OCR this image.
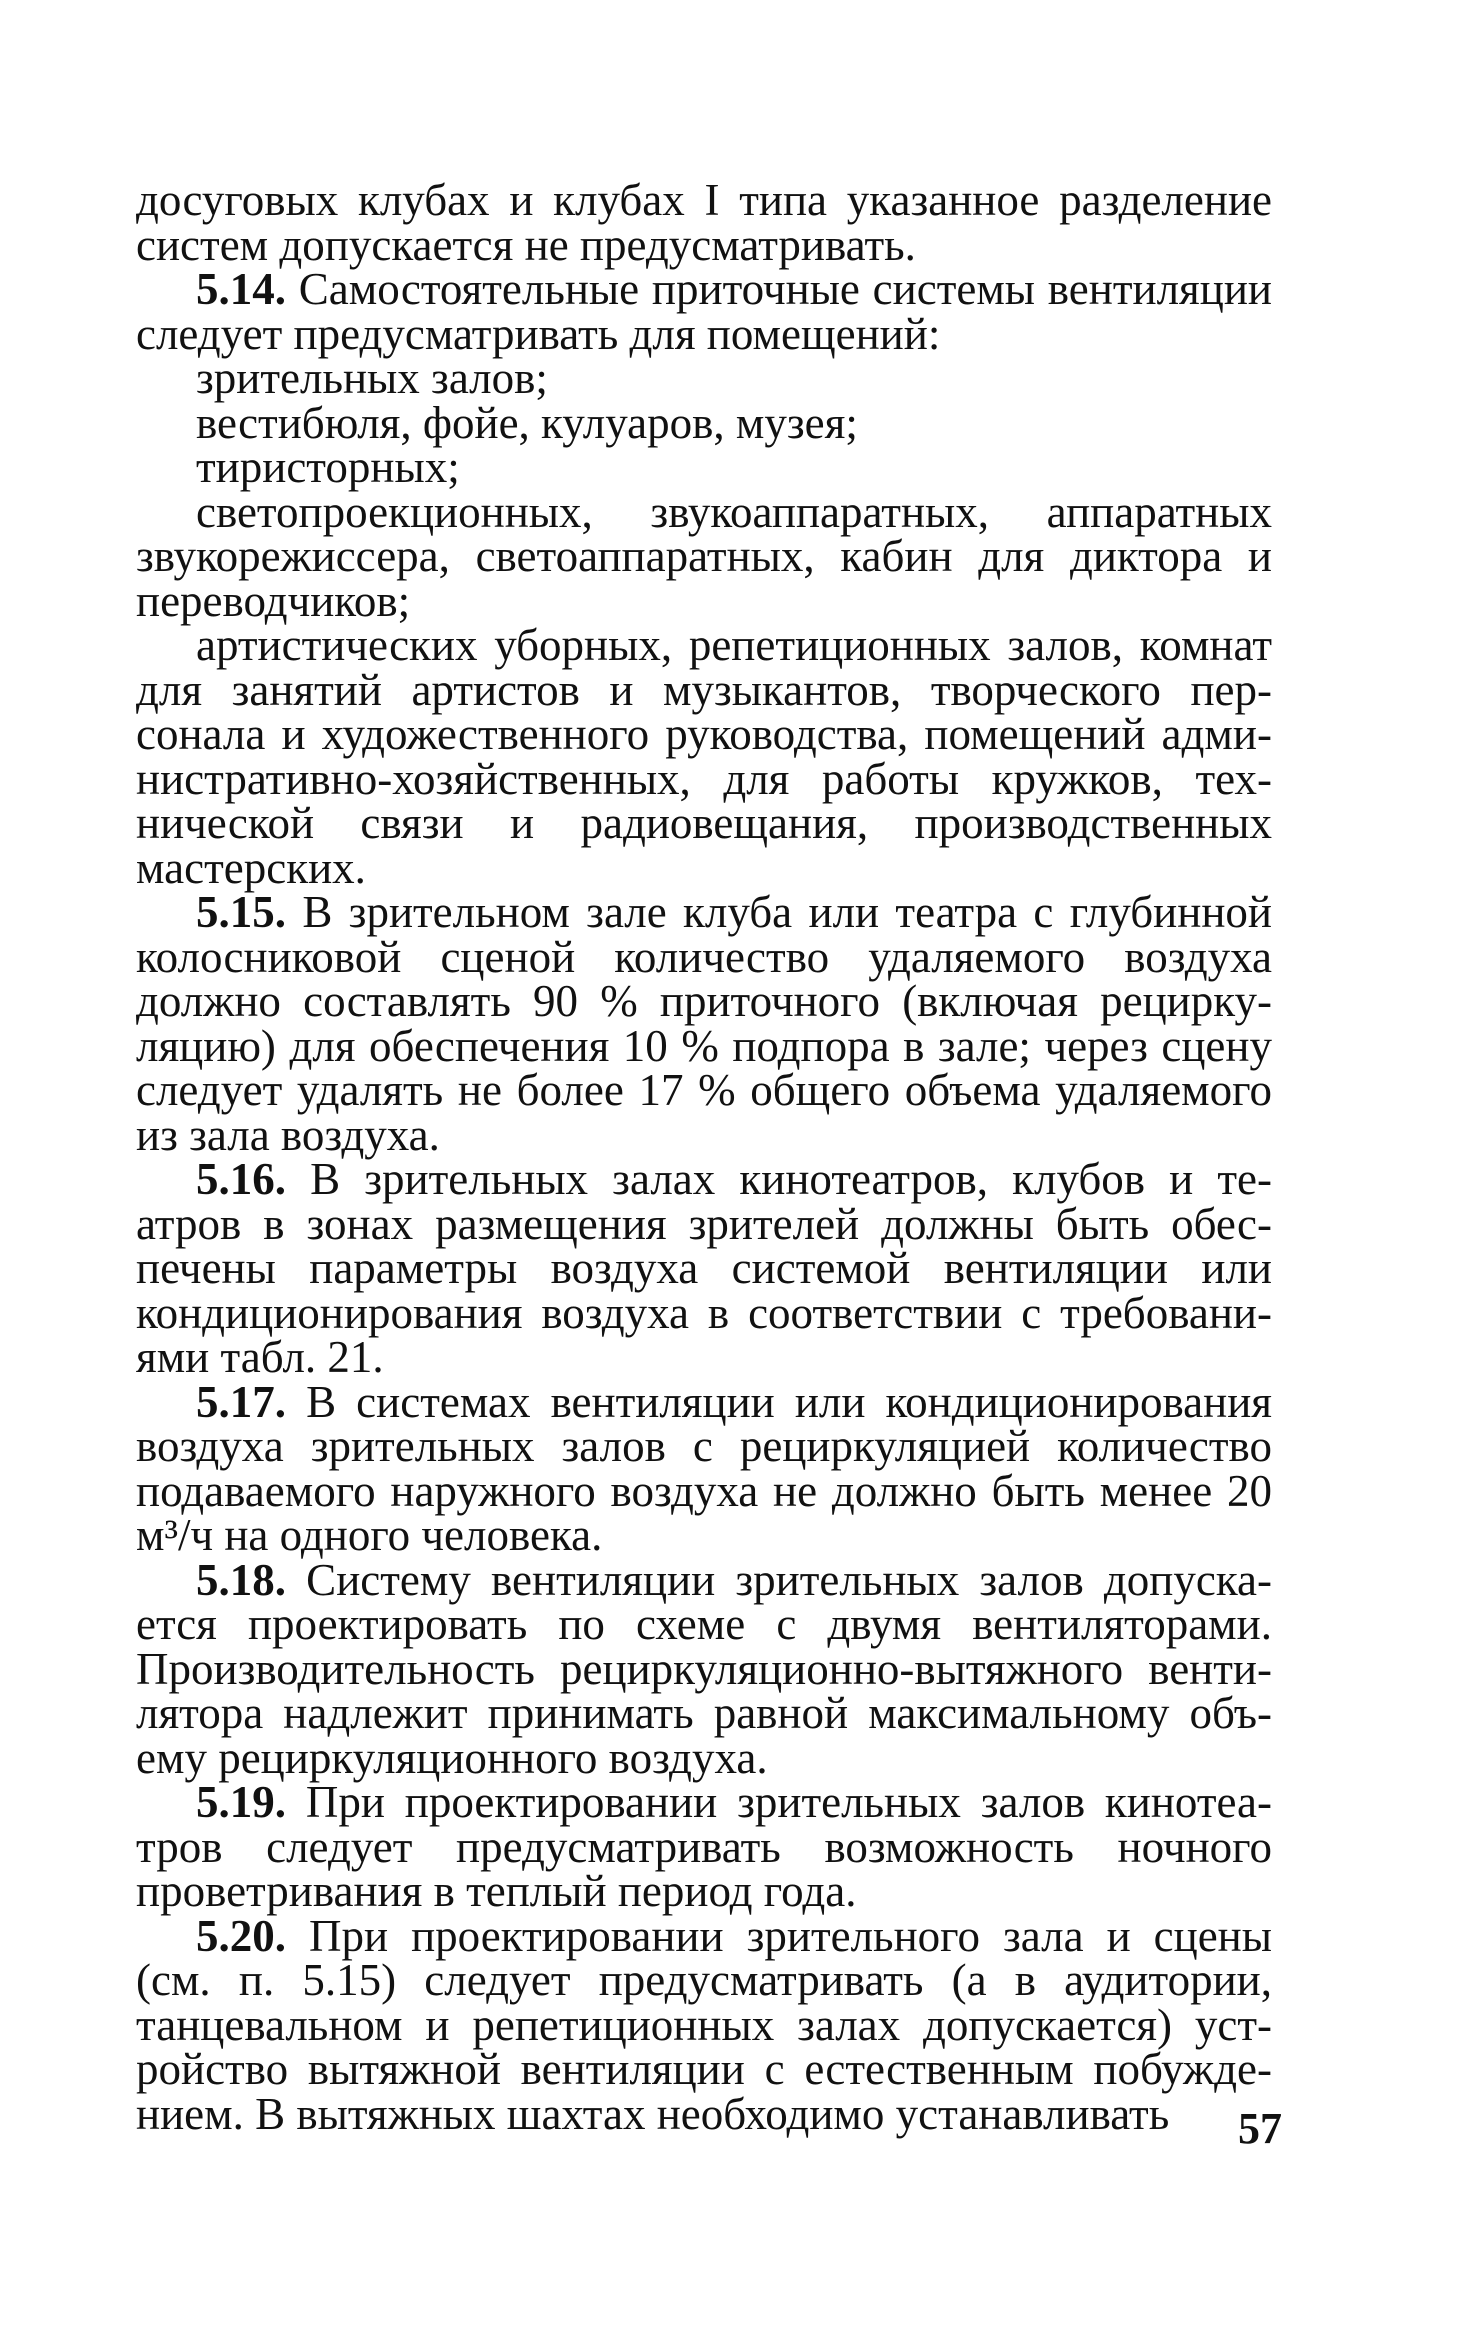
досуговых клубах и клубах I типа указанное разделение систем допускается не предусматривать.

5.14. Самостоятельные приточные системы вентиляции следует предусматривать для помещений:

зрительных залов;

вестибюля, фойе, кулуаров, музея;

тиристорных;

светопроекционных, звукоаппаратных, аппаратных звукорежиссера, светоаппаратных, кабин для диктора и переводчиков;

артистических уборных, репетиционных залов, комнат для занятий артистов и музыкантов, творческого персонала и художественного руководства, помещений административно-хозяйственных, для работы кружков, технической связи и радиовещания, производственных мастерских.

5.15. В зрительном зале клуба или театра с глубинной колосниковой сценой количество удаляемого воздуха должно составлять 90 % приточного (включая рециркуляцию) для обеспечения 10 % подпора в зале; через сцену следует удалять не более 17 % общего объема удаляемого из зала воздуха.

5.16. В зрительных залах кинотеатров, клубов и театров в зонах размещения зрителей должны быть обеспечены параметры воздуха системой вентиляции или кондиционирования воздуха в соответствии с требованиями табл. 21.

5.17. В системах вентиляции или кондиционирования воздуха зрительных залов с рециркуляцией количество подаваемого наружного воздуха не должно быть менее 20 м³/ч на одного человека.

5.18. Систему вентиляции зрительных залов допускается проектировать по схеме с двумя вентиляторами. Производительность рециркуляционно-вытяжного вентилятора надлежит принимать равной максимальному объему рециркуляционного воздуха.

5.19. При проектировании зрительных залов кинотеатров следует предусматривать возможность ночного проветривания в теплый период года.

5.20. При проектировании зрительного зала и сцены (см. п. 5.15) следует предусматривать (а в аудитории, танцевальном и репетиционных залах допускается) устройство вытяжной вентиляции с естественным побуждением. В вытяжных шахтах необходимо устанавливать	57
